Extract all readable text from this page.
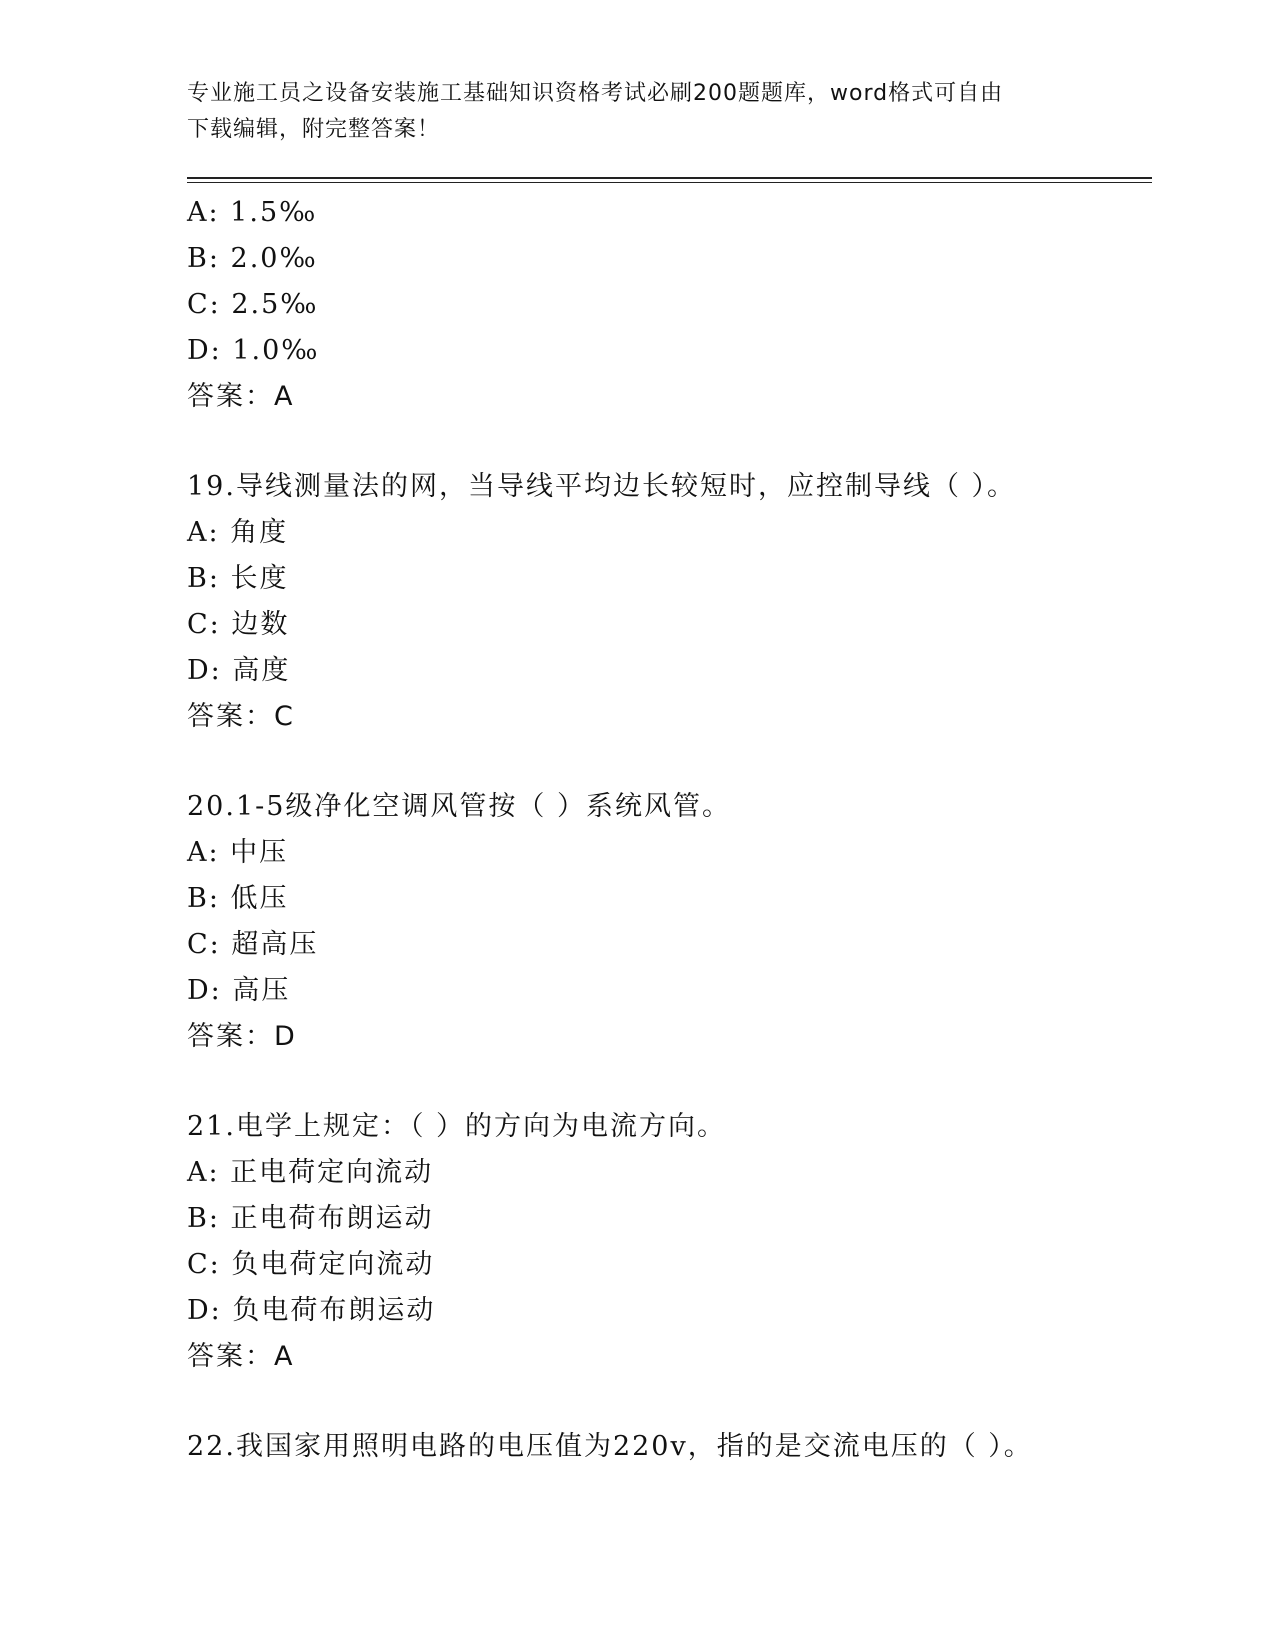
专业施工员之设备安装施工基础知识资格考试必刷200题题库，word格式可自由
下载编辑，附完整答案！
A: 1.5‰
B: 2.0‰
C: 2.5‰
D: 1.0‰
答案：A
19.导线测量法的网，当导线平均边长较短时，应控制导线（ ）。
A: 角度
B: 长度
C: 边数
D: 高度
答案：C
20.1-5级净化空调风管按（ ）系统风管。
A: 中压
B: 低压
C: 超高压
D: 高压
答案：D
21.电学上规定：（ ）的方向为电流方向。
A: 正电荷定向流动
B: 正电荷布朗运动
C: 负电荷定向流动
D: 负电荷布朗运动
答案：A
22.我国家用照明电路的电压值为220v，指的是交流电压的（ ）。
